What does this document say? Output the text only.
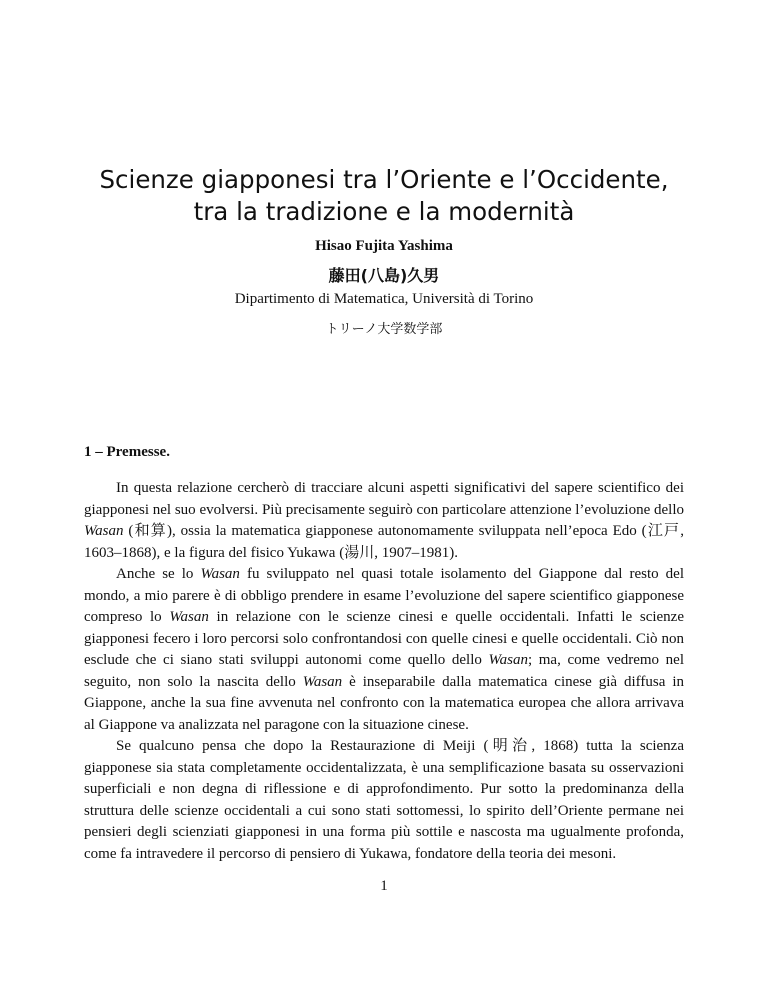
Scienze giapponesi tra l’Oriente e l’Occidente,
tra la tradizione e la modernità
Hisao Fujita Yashima
藤田(八島)久男
Dipartimento di Matematica, Università di Torino
トリーノ大学数学部
1 – Premesse.

In questa relazione cercherò di tracciare alcuni aspetti significativi del sapere scientifico dei giapponesi nel suo evolversi. Più precisamente seguirò con particolare attenzione l’evoluzione dello Wasan (和算), ossia la matematica giapponese autonomamente sviluppata nell’epoca Edo (江戸, 1603–1868), e la figura del fisico Yukawa (湯川, 1907–1981).

Anche se lo Wasan fu sviluppato nel quasi totale isolamento del Giappone dal resto del mondo, a mio parere è di obbligo prendere in esame l’evoluzione del sapere scientifico giapponese compreso lo Wasan in relazione con le scienze cinesi e quelle occidentali. Infatti le scienze giapponesi fecero i loro percorsi solo confrontandosi con quelle cinesi e quelle occidentali. Ciò non esclude che ci siano stati sviluppi autonomi come quello dello Wasan; ma, come vedremo nel seguito, non solo la nascita dello Wasan è inseparabile dalla matematica cinese già diffusa in Giappone, anche la sua fine avvenuta nel confronto con la matematica europea che allora arrivava al Giappone va analizzata nel paragone con la situazione cinese.

Se qualcuno pensa che dopo la Restaurazione di Meiji (明治, 1868) tutta la scienza giapponese sia stata completamente occidentalizzata, è una semplificazione basata su osservazioni superficiali e non degna di riflessione e di approfondimento. Pur sotto la predominanza della struttura delle scienze occidentali a cui sono stati sottomessi, lo spirito dell’Oriente permane nei pensieri degli scienziati giapponesi in una forma più sottile e nascosta ma ugualmente profonda, come fa intravedere il percorso di pensiero di Yukawa, fondatore della teoria dei mesoni.

1
